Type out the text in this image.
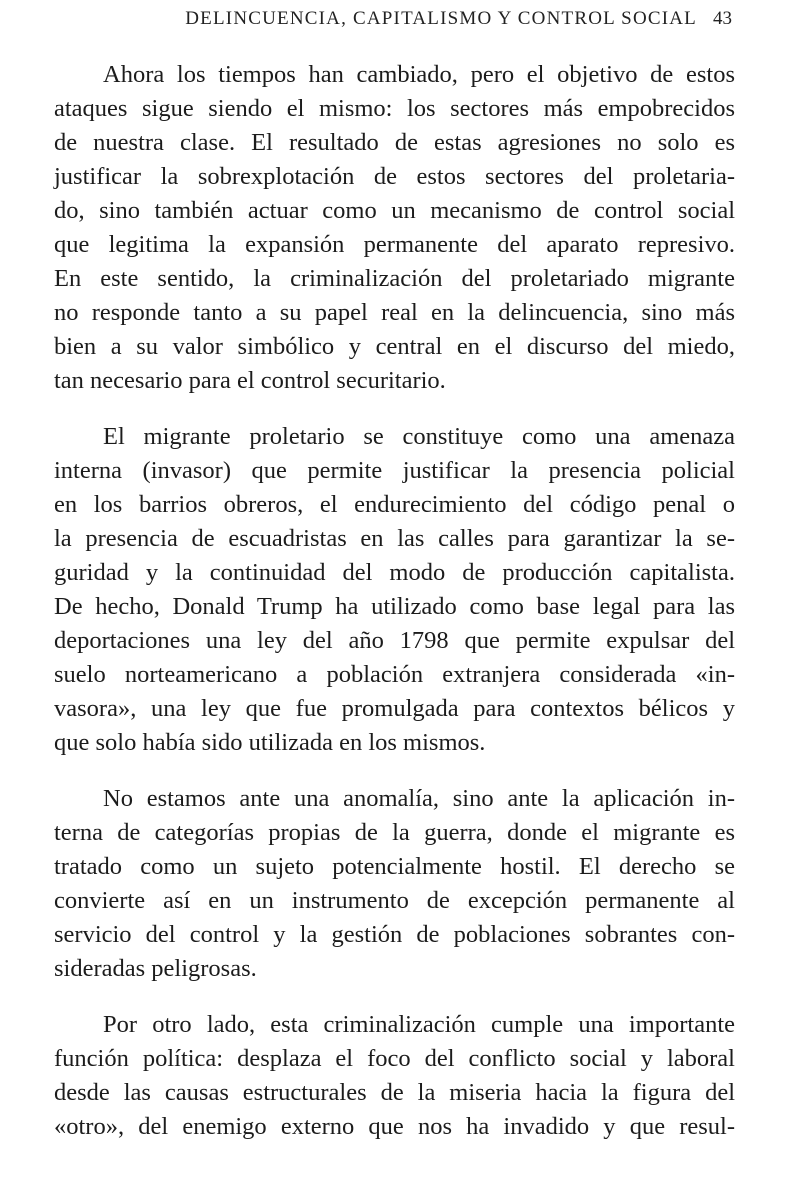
DELINCUENCIA, CAPITALISMO Y CONTROL SOCIAL 43

Ahora los tiempos han cambiado, pero el objetivo de estos
ataques sigue siendo el mismo: los sectores más empobrecidos
de nuestra clase. El resultado de estas agresiones no solo es
justificar la sobrexplotación de estos sectores del proletaria-
do, sino también actuar como un mecanismo de control social
que legitima la expansión permanente del aparato represivo.
En este sentido, la criminalización del proletariado migrante
no responde tanto a su papel real en la delincuencia, sino más
bien a su valor simbólico y central en el discurso del miedo,
tan necesario para el control securitario.

El migrante proletario se constituye como una amenaza
interna (invasor) que permite justificar la presencia policial
en los barrios obreros, el endurecimiento del código penal o
la presencia de escuadristas en las calles para garantizar la se-
guridad y la continuidad del modo de producción capitalista.
De hecho, Donald Trump ha utilizado como base legal para las
deportaciones una ley del año 1798 que permite expulsar del
suelo norteamericano a población extranjera considerada «in-
vasora», una ley que fue promulgada para contextos bélicos y
que solo había sido utilizada en los mismos.

No estamos ante una anomalía, sino ante la aplicación in-
terna de categorías propias de la guerra, donde el migrante es
tratado como un sujeto potencialmente hostil. El derecho se
convierte así en un instrumento de excepción permanente al
servicio del control y la gestión de poblaciones sobrantes con-
sideradas peligrosas.

Por otro lado, esta criminalización cumple una importante
función política: desplaza el foco del conflicto social y laboral
desde las causas estructurales de la miseria hacia la figura del
«otro», del enemigo externo que nos ha invadido y que resul-
